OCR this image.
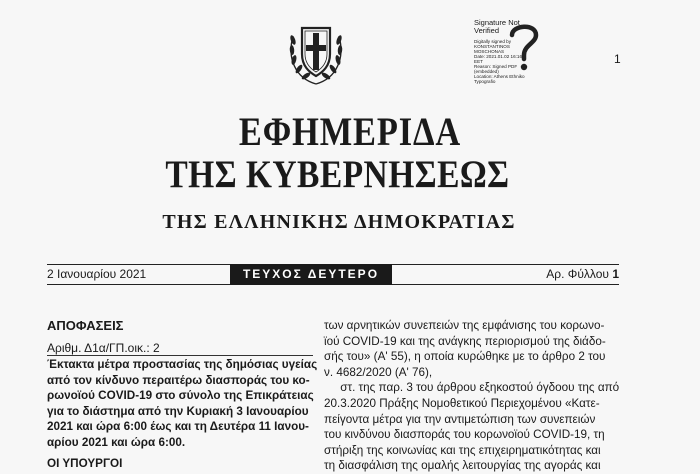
Signature Not
Verified
Digitally signed by
KONSTANTINOS
MOSCHONAS
Date: 2021.01.02 16:16
EET
Reason: Signed PDF
(embedded)
Location: Athens Ethniko
Typografio
1
ΕΦΗΜΕΡΙΔΑ
ΤΗΣ ΚΥΒΕΡΝΗΣΕΩΣ
ΤΗΣ ΕΛΛΗΝΙΚΗΣ ΔΗΜΟΚΡΑΤΙΑΣ
2 Ιανουαρίου 2021	ΤΕΥΧΟΣ ΔΕΥΤΕΡΟ	Αρ. Φύλλου 1
ΑΠΟΦΑΣΕΙΣ
Αριθμ. Δ1α/ΓΠ.οικ.: 2
Έκτακτα μέτρα προστασίας της δημόσιας υγείας
από τον κίνδυνο περαιτέρω διασποράς του κο-
ρωνοϊού COVID-19 στο σύνολο της Επικράτειας
για το διάστημα από την Κυριακή 3 Ιανουαρίου
2021 και ώρα 6:00 έως και τη Δευτέρα 11 Ιανου-
αρίου 2021 και ώρα 6:00.
ΟΙ ΥΠΟΥΡΓΟΙ
των αρνητικών συνεπειών της εμφάνισης του κορωνο-
ϊού COVID-19 και της ανάγκης περιορισμού της διάδο-
σής του» (Α' 55), η οποία κυρώθηκε με το άρθρο 2 του
ν. 4682/2020 (Α' 76),
στ. της παρ. 3 του άρθρου εξηκοστού όγδοου της από
20.3.2020 Πράξης Νομοθετικού Περιεχομένου «Κατε-
πείγοντα μέτρα για την αντιμετώπιση των συνεπειών
του κινδύνου διασποράς του κορωνοϊού COVID-19, τη
στήριξη της κοινωνίας και της επιχειρηματικότητας και
τη διασφάλιση της ομαλής λειτουργίας της αγοράς και
